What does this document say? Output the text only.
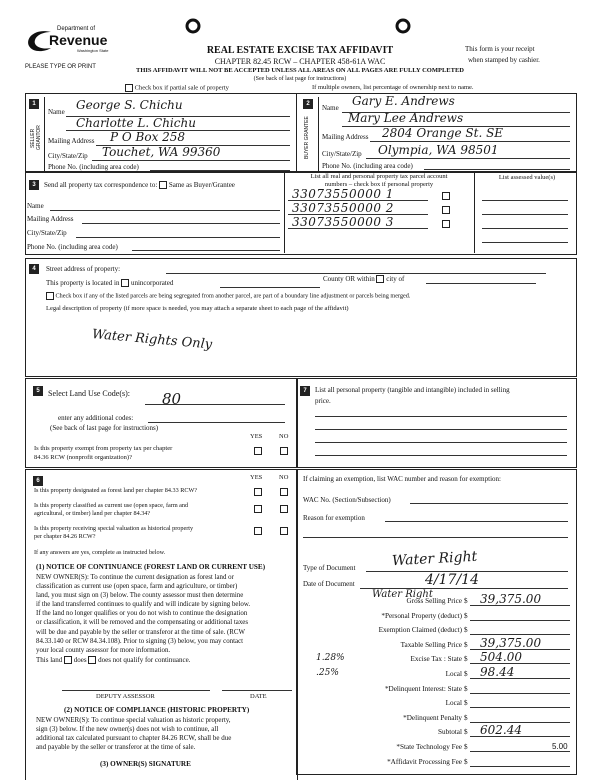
Department of
Revenue
Washington State
PLEASE TYPE OR PRINT
REAL ESTATE EXCISE TAX AFFIDAVIT
CHAPTER 82.45 RCW – CHAPTER 458-61A WAC
THIS AFFIDAVIT WILL NOT BE ACCEPTED UNLESS ALL AREAS ON ALL PAGES ARE FULLY COMPLETED
(See back of last page for instructions)
This form is your receipt
when stamped by cashier.
Check box if partial sale of property	If multiple owners, list percentage of ownership next to name.
1
SELLER GRANTOR
Name George S. Chichu
Charlotte L. Chichu
Mailing Address P O Box 258
City/State/Zip Touchet, WA 99360
Phone No. (including area code)
2
BUYER GRANTEE
Name Gary E. Andrews
Mary Lee Andrews
Mailing Address 2804 Orange St. SE
City/State/Zip Olympia, WA 98501
Phone No. (including area code)
3	Send all property tax correspondence to: Same as Buyer/Grantee
Name
Mailing Address
City/State/Zip
Phone No. (including area code)
List all real and personal property tax parcel account
numbers – check box if personal property
List assessed value(s)
33073550000 1
33073550000 2
33073550000 3
4	Street address of property:
This property is located in unincorporated	County OR within city of
Check box if any of the listed parcels are being segregated from another parcel, are part of a boundary line adjustment or parcels being merged.
Legal description of property (if more space is needed, you may attach a separate sheet to each page of the affidavit)
Water Rights Only
5	Select Land Use Code(s): 80
enter any additional codes:
(See back of last page for instructions)
YES	NO
Is this property exempt from property tax per chapter
84.36 RCW (nonprofit organization)?
6	YES	NO
Is this property designated as forest land per chapter 84.33 RCW?
Is this property classified as current use (open space, farm and
agricultural, or timber) land per chapter 84.34?
Is this property receiving special valuation as historical property
per chapter 84.26 RCW?
If any answers are yes, complete as instructed below.
(1) NOTICE OF CONTINUANCE (FOREST LAND OR CURRENT USE)
NEW OWNER(S): To continue the current designation as forest land or
classification as current use (open space, farm and agriculture, or timber)
land, you must sign on (3) below. The county assessor must then determine
if the land transferred continues to qualify and will indicate by signing below.
If the land no longer qualifies or you do not wish to continue the designation
or classification, it will be removed and the compensating or additional taxes
will be due and payable by the seller or transferor at the time of sale. (RCW
84.33.140 or RCW 84.34.108). Prior to signing (3) below, you may contact
your local county assessor for more information.
This land does does not qualify for continuance.
DEPUTY ASSESSOR	DATE
(2) NOTICE OF COMPLIANCE (HISTORIC PROPERTY)
NEW OWNER(S): To continue special valuation as historic property,
sign (3) below. If the new owner(s) does not wish to continue, all
additional tax calculated pursuant to chapter 84.26 RCW, shall be due
and payable by the seller or transferor at the time of sale.
(3) OWNER(S) SIGNATURE
7	List all personal property (tangible and intangible) included in selling
price.
If claiming an exemption, list WAC number and reason for exemption:
WAC No. (Section/Subsection)
Reason for exemption
Type of Document	Water Right
Date of Document	4/17/14
Water Right
Gross Selling Price $ 39,375.00
*Personal Property (deduct) $
Exemption Claimed (deduct) $
Taxable Selling Price $ 39,375.00
Excise Tax : State $ 504.00
1.28%
Local $ 98.44
.25%
*Delinquent Interest: State $
Local $
*Delinquent Penalty $
Subtotal $ 602.44
*State Technology Fee $	5.00
*Affidavit Processing Fee $
